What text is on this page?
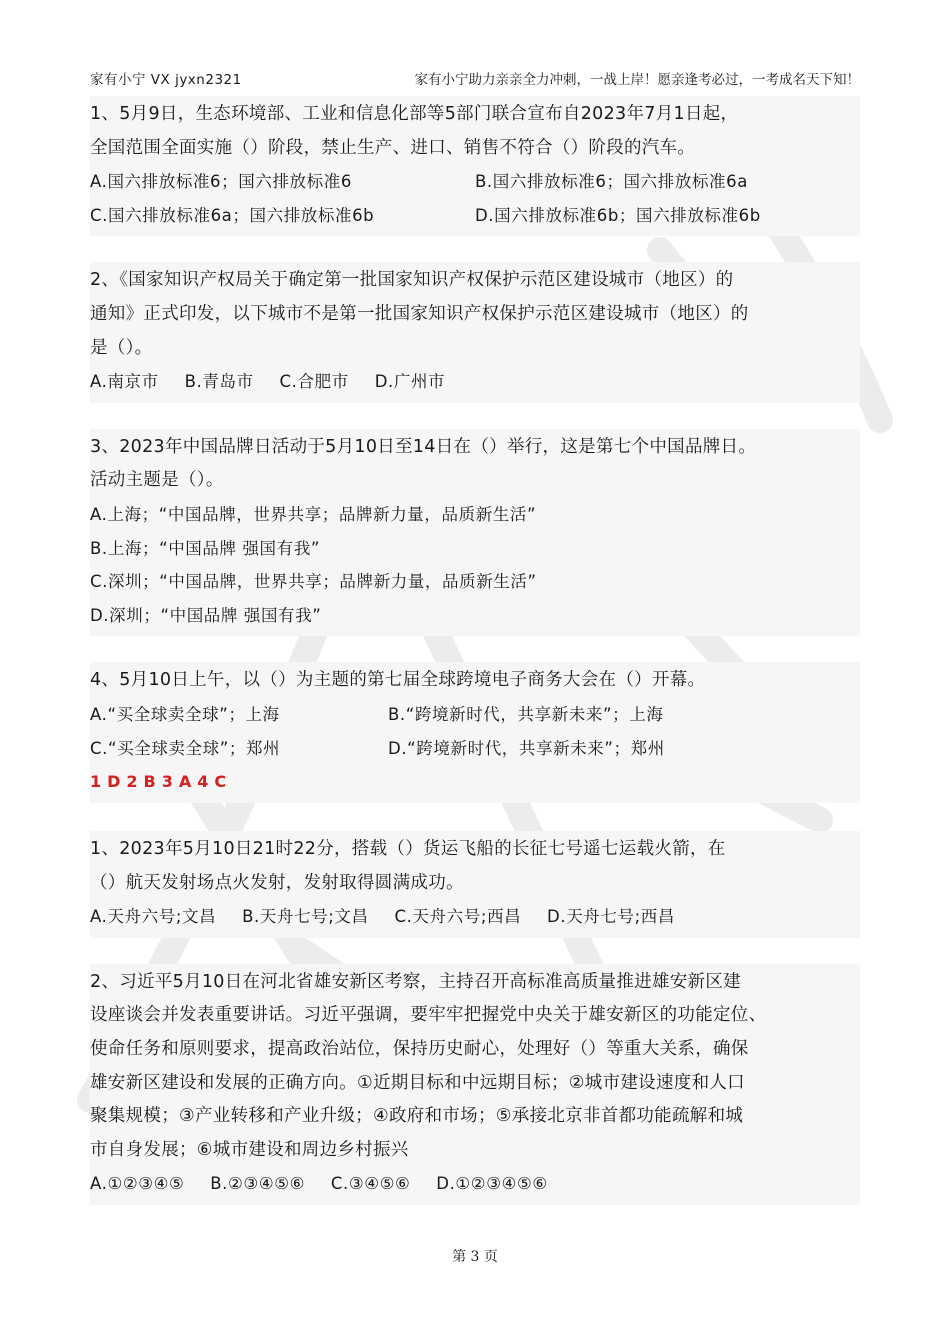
家有小宁 VX jyxn2321	家有小宁助力亲亲全力冲刺，一战上岸！愿亲逢考必过，一考成名天下知！
1、5月9日，生态环境部、工业和信息化部等5部门联合宣布自2023年7月1日起，
全国范围全面实施（）阶段，禁止生产、进口、销售不符合（）阶段的汽车。
A.国六排放标准6；国六排放标准6	B.国六排放标准6；国六排放标准6a
C.国六排放标准6a；国六排放标准6b	D.国六排放标准6b；国六排放标准6b
2、《国家知识产权局关于确定第一批国家知识产权保护示范区建设城市（地区）的
通知》正式印发，以下城市不是第一批国家知识产权保护示范区建设城市（地区）的
是（）。
A.南京市 B.青岛市 C.合肥市 D.广州市
3、2023年中国品牌日活动于5月10日至14日在（）举行，这是第七个中国品牌日。
活动主题是（）。
A.上海；“中国品牌，世界共享；品牌新力量，品质新生活”
B.上海；“中国品牌 强国有我”
C.深圳；“中国品牌，世界共享；品牌新力量，品质新生活”
D.深圳；“中国品牌 强国有我”
4、5月10日上午，以（）为主题的第七届全球跨境电子商务大会在（）开幕。
A.“买全球卖全球”；上海	B.“跨境新时代，共享新未来”；上海
C.“买全球卖全球”；郑州	D.“跨境新时代，共享新未来”；郑州
1D2B3A4C
1、2023年5月10日21时22分，搭载（）货运飞船的长征七号遥七运载火箭，在
（）航天发射场点火发射，发射取得圆满成功。
A.天舟六号;文昌 B.天舟七号;文昌 C.天舟六号;西昌 D.天舟七号;西昌
2、习近平5月10日在河北省雄安新区考察，主持召开高标准高质量推进雄安新区建
设座谈会并发表重要讲话。习近平强调，要牢牢把握党中央关于雄安新区的功能定位、
使命任务和原则要求，提高政治站位，保持历史耐心，处理好（）等重大关系，确保
雄安新区建设和发展的正确方向。①近期目标和中远期目标；②城市建设速度和人口
聚集规模；③产业转移和产业升级；④政府和市场；⑤承接北京非首都功能疏解和城
市自身发展；⑥城市建设和周边乡村振兴
A.①②③④⑤ B.②③④⑤⑥ C.③④⑤⑥ D.①②③④⑤⑥
第 3 页
